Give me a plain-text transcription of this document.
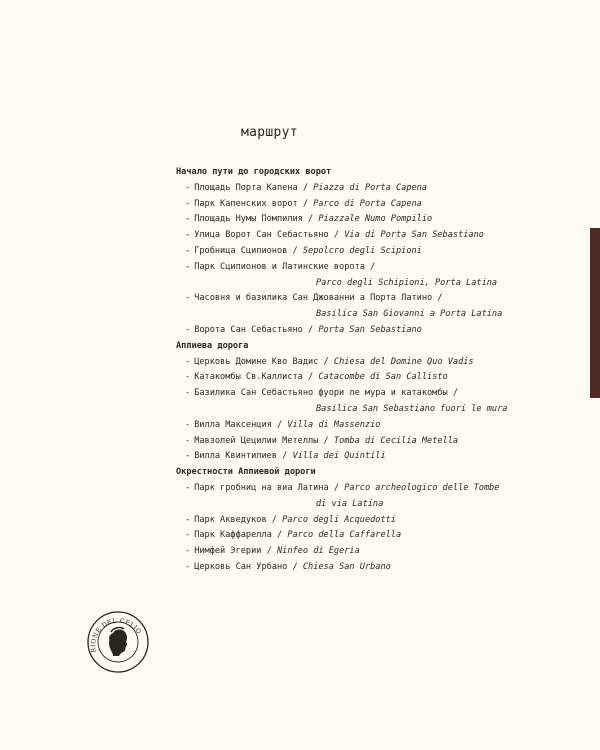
маршрут
Начало пути до городских ворот
- Площадь Порта Капена / Piazza di Porta Capena
- Парк Капенских ворот / Parco di Porta Capena
- Площадь Нумы Помпилия / Piazzale Numo Pompilio
- Улица Ворот Сан Себастьяно / Via di Porta San Sebastiano
- Гробница Сципионов / Sepolcro degli Scipioni
- Парк Сципионов и Латинские ворота /
Parco degli Schipioni, Porta Latina
- Часовня и базилика Сан Джованни а Порта Латино /
Basilica San Giovanni a Porta Latina
- Ворота Сан Себастьяно / Porta San Sebastiano
Аппиева дорога
- Церковь Домине Кво Вадис / Chiesa del Domine Quo Vadis
- Катакомбы Св.Каллиста / Catacombe di San Callisto
- Базилика Сан Себастьяно фуори ле мура и катакомбы /
Basilica San Sebastiano fuori le mura
- Вилла Максенция / Villa di Massenzio
- Мавзолей Цецилии Метеллы / Tomba di Cecilia Metella
- Вилла Квинтилиев / Villa dei Quintili
Окрестности Аппиевой дороги
- Парк гробниц на виа Латина / Parco archeologico delle Tombe
di via Latina
- Парк Акведуков / Parco degli Acquedotti
- Парк Каффарелла / Parco della Caffarella
- Нимфей Эгерии / Ninfeo di Egeria
- Церковь Сан Урбано / Chiesa San Urbano
RIONE DEL CELIO
